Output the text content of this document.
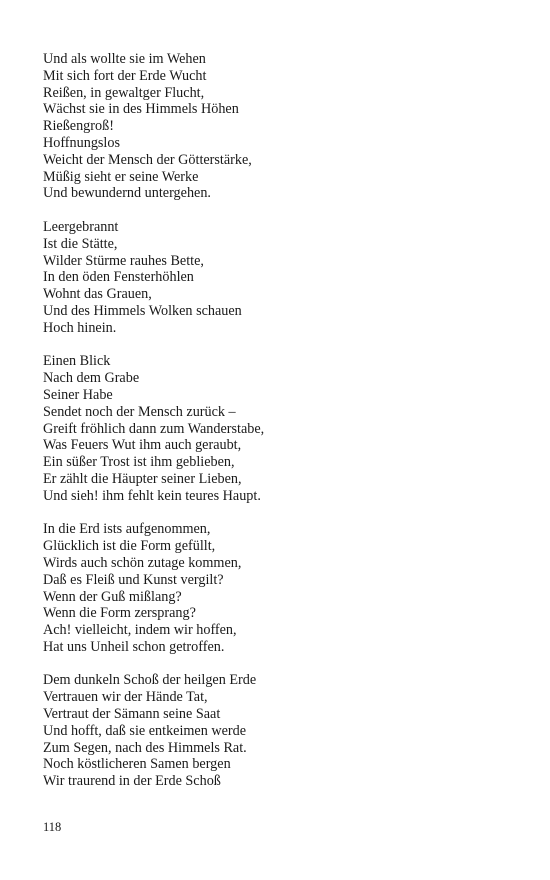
Und als wollte sie im Wehen
Mit sich fort der Erde Wucht
Reißen, in gewaltger Flucht,
Wächst sie in des Himmels Höhen
Rießengroß!
Hoffnungslos
Weicht der Mensch der Götterstärke,
Müßig sieht er seine Werke
Und bewundernd untergehen.
Leergebrannt
Ist die Stätte,
Wilder Stürme rauhes Bette,
In den öden Fensterhöhlen
Wohnt das Grauen,
Und des Himmels Wolken schauen
Hoch hinein.
Einen Blick
Nach dem Grabe
Seiner Habe
Sendet noch der Mensch zurück –
Greift fröhlich dann zum Wanderstabe,
Was Feuers Wut ihm auch geraubt,
Ein süßer Trost ist ihm geblieben,
Er zählt die Häupter seiner Lieben,
Und sieh! ihm fehlt kein teures Haupt.
In die Erd ists aufgenommen,
Glücklich ist die Form gefüllt,
Wirds auch schön zutage kommen,
Daß es Fleiß und Kunst vergilt?
Wenn der Guß mißlang?
Wenn die Form zersprang?
Ach! vielleicht, indem wir hoffen,
Hat uns Unheil schon getroffen.
Dem dunkeln Schoß der heilgen Erde
Vertrauen wir der Hände Tat,
Vertraut der Sämann seine Saat
Und hofft, daß sie entkeimen werde
Zum Segen, nach des Himmels Rat.
Noch köstlicheren Samen bergen
Wir traurend in der Erde Schoß
118
